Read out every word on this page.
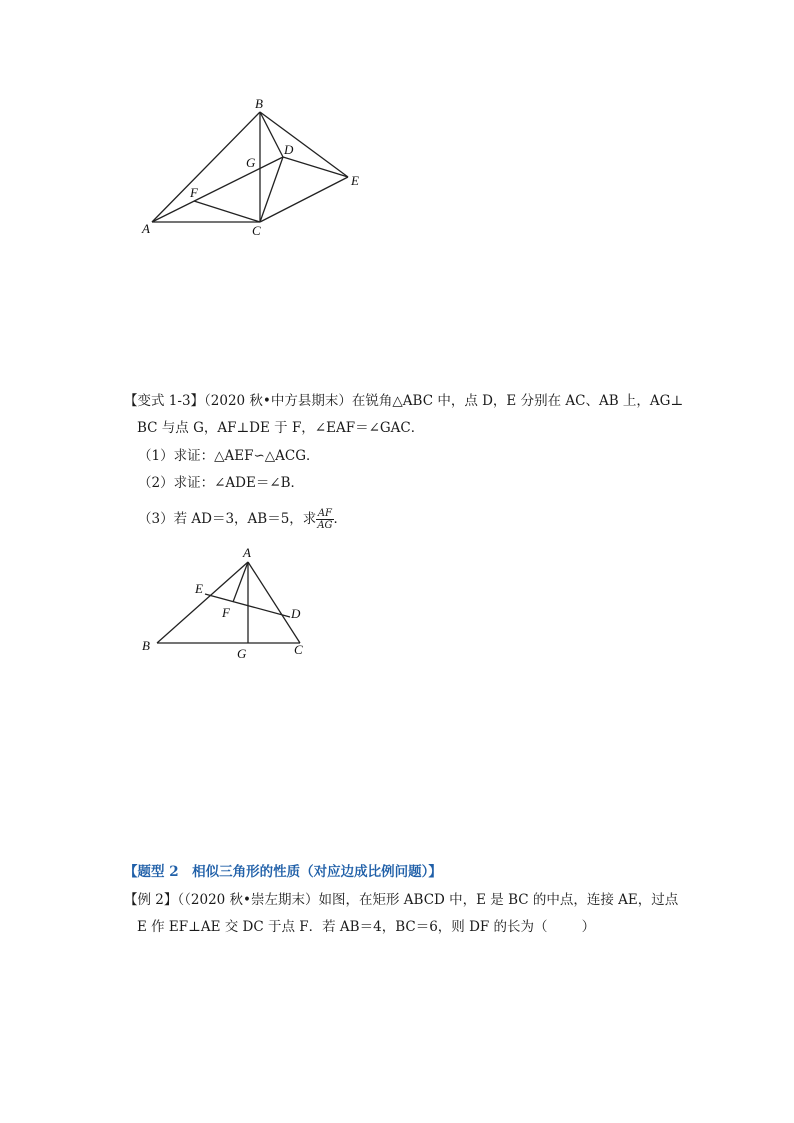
B
G
D
E
F
A	C
【变式 1-3】（2020 秋•中方县期末）在锐角△ABC 中，点 D，E 分别在 AC、AB 上，AG⊥
BC 与点 G，AF⊥DE 于 F，∠EAF＝∠GAC．
（1）求证：△AEF∽△ACG．
（2）求证：∠ADE＝∠B．
（3）若 AD＝3，AB＝5，求 $\frac{AF}{AG}$ ．
A
E
F	D
B
G	C
【题型 2　相似三角形的性质（对应边成比例问题）】
【例 2】（（2020 秋•崇左期末）如图，在矩形 ABCD 中，E 是 BC 的中点，连接 AE，过点
E 作 EF⊥AE 交 DC 于点 F．若 AB＝4，BC＝6，则 DF 的长为（	）
